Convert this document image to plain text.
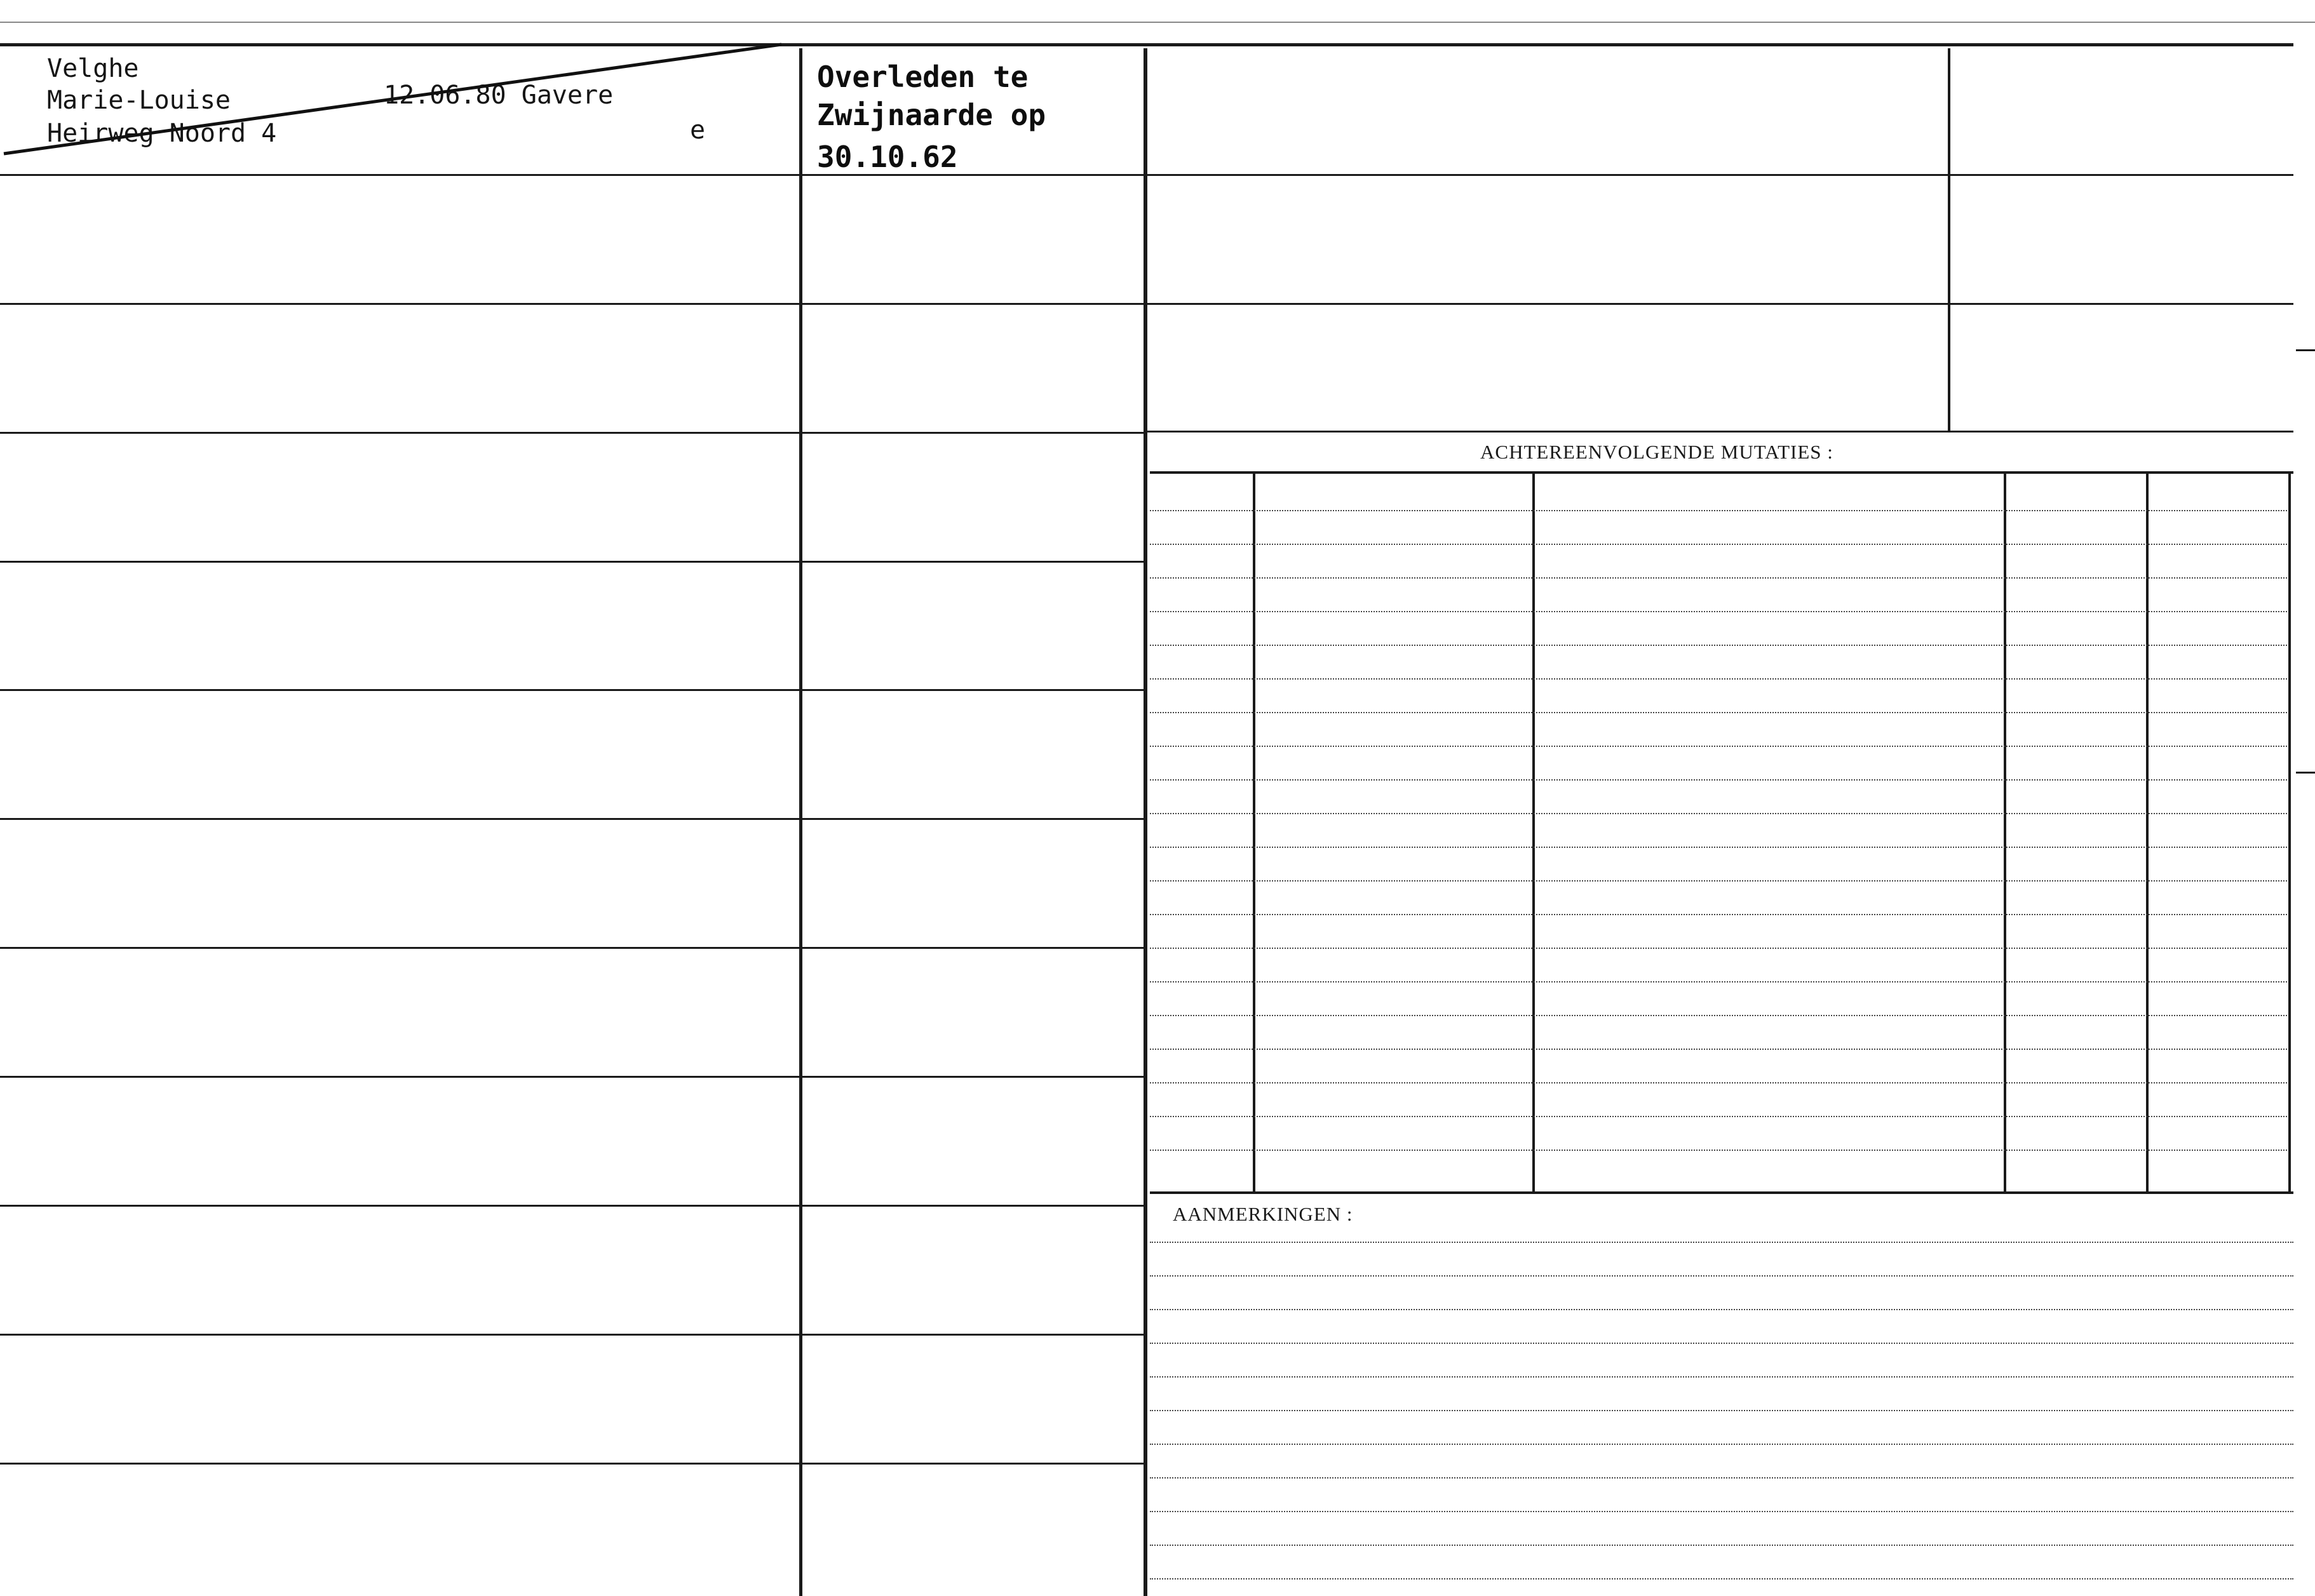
Velghe
Marie-Louise
Heirweg Noord 4
12.06.80 Gavere
e
Overleden te
Zwijnaarde op
30.10.62
ACHTEREENVOLGENDE MUTATIES :
AANMERKINGEN :
